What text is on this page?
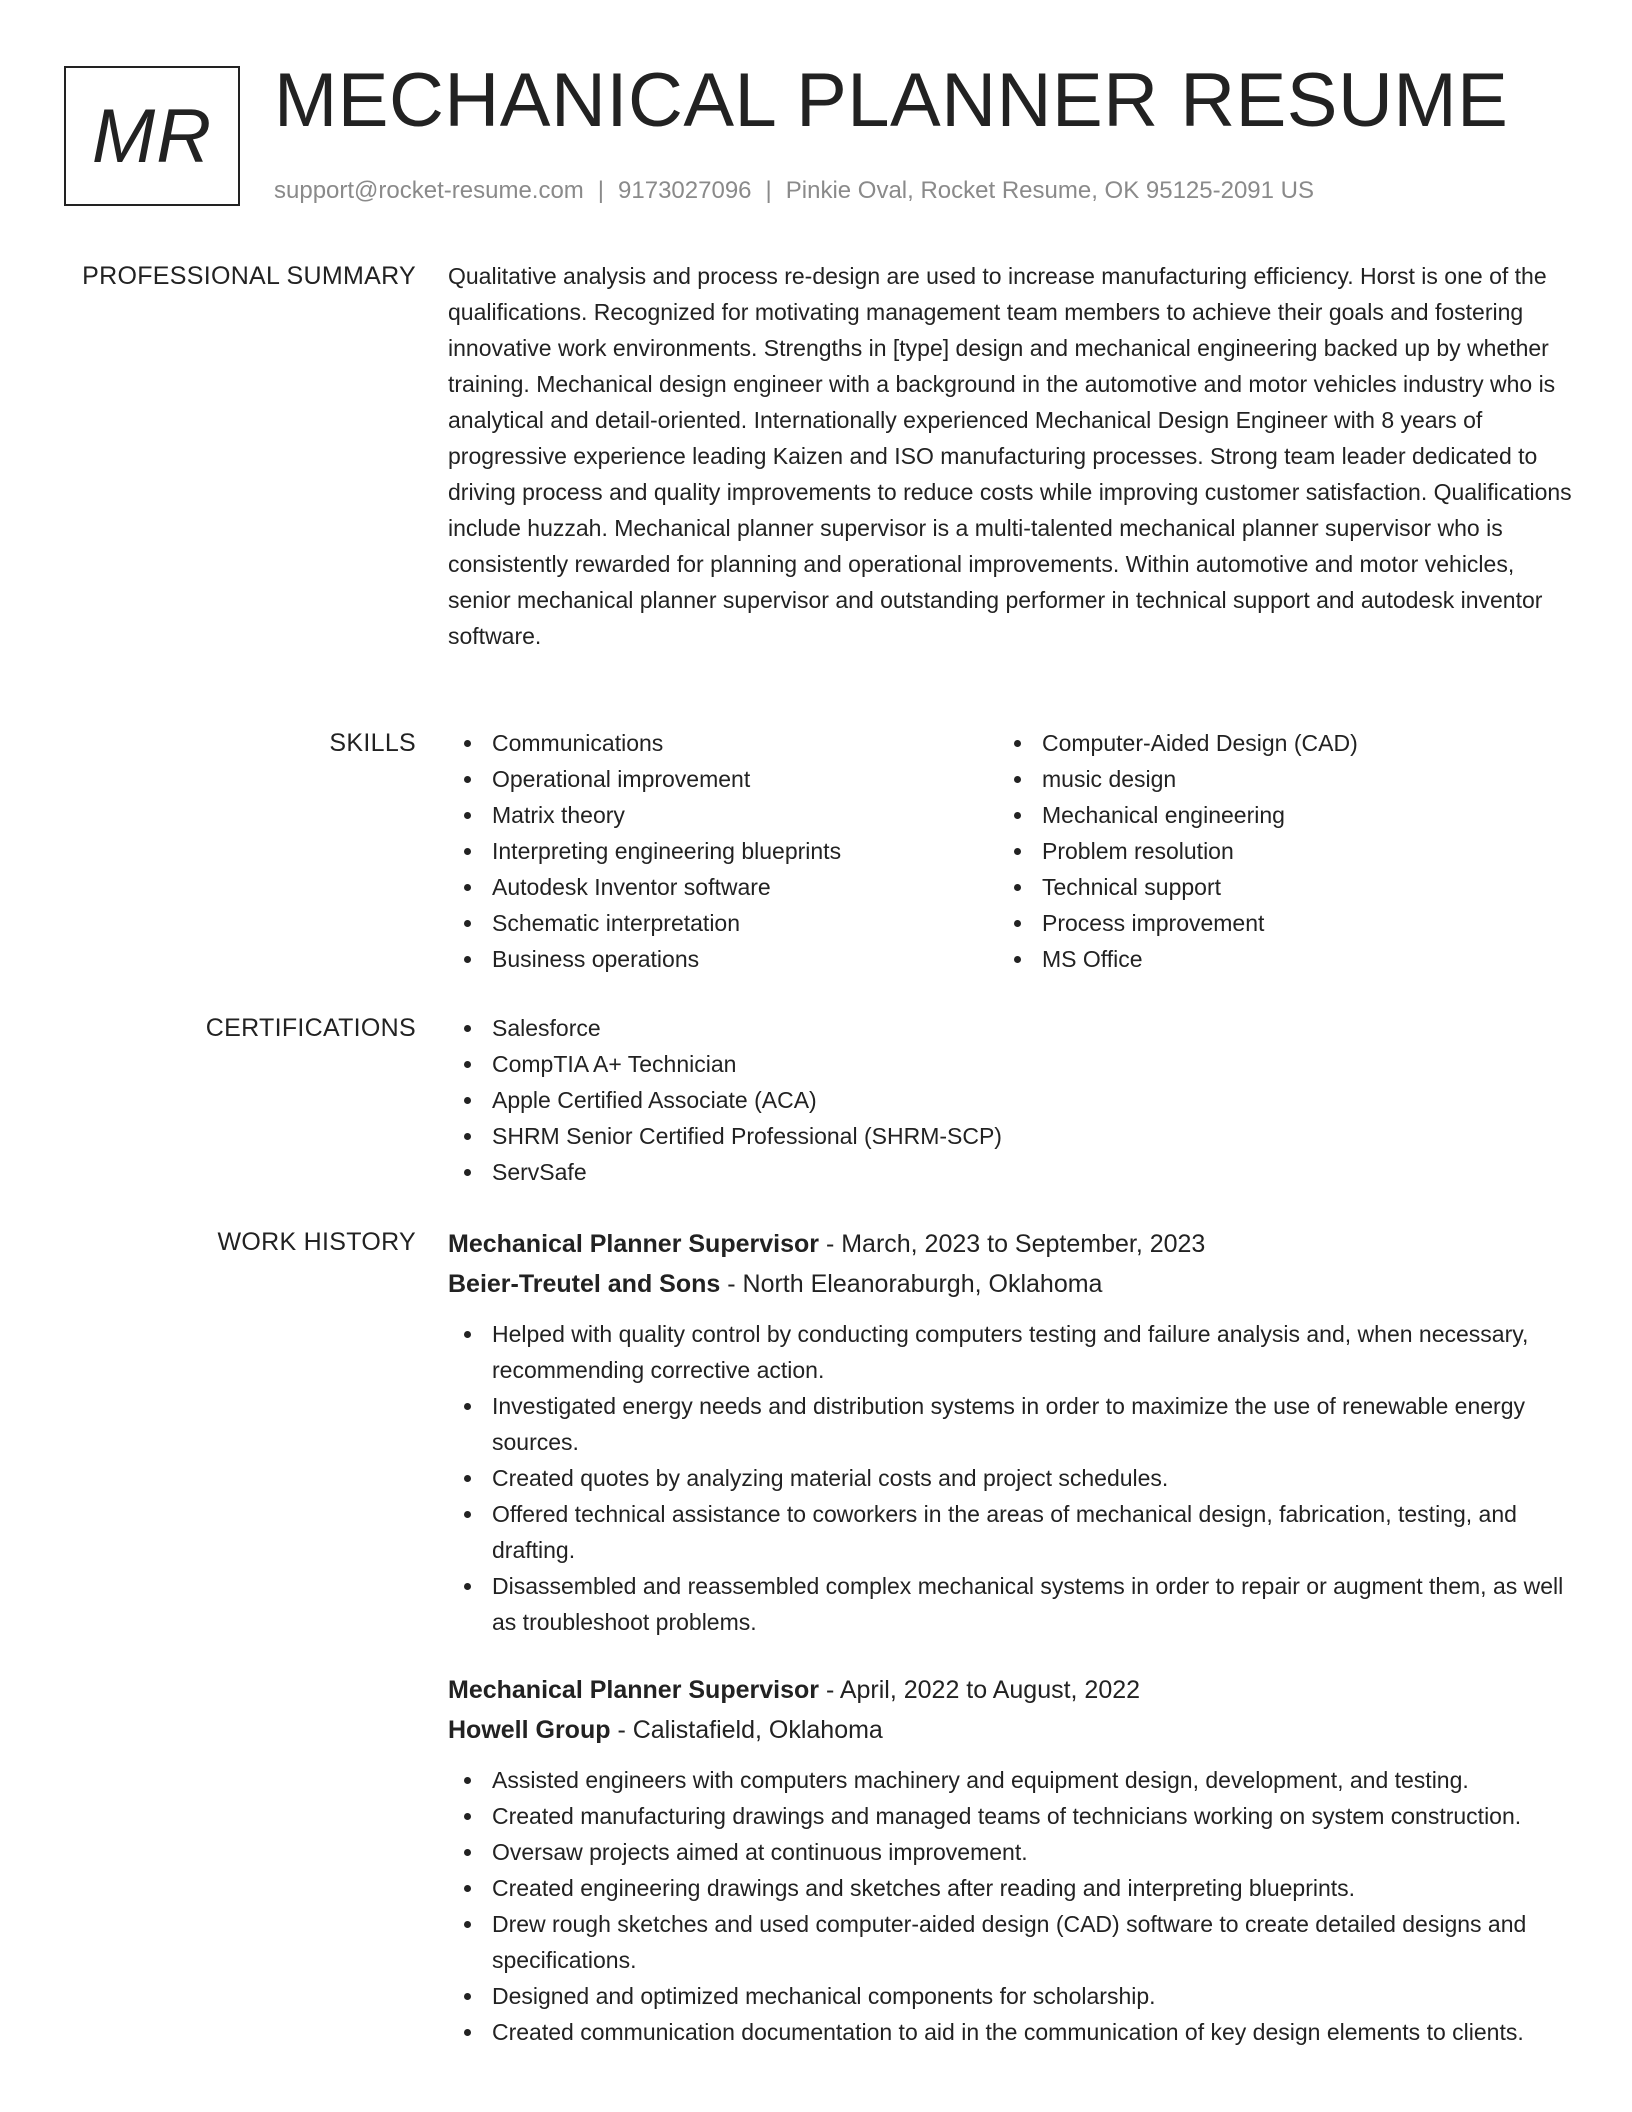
MR MECHANICAL PLANNER RESUME
support@rocket-resume.com | 9173027096 | Pinkie Oval, Rocket Resume, OK 95125-2091 US
PROFESSIONAL SUMMARY Qualitative analysis and process re-design are used to increase manufacturing efficiency. Horst is one of the qualifications. Recognized for motivating management team members to achieve their goals and fostering innovative work environments. Strengths in [type] design and mechanical engineering backed up by whether training. Mechanical design engineer with a background in the automotive and motor vehicles industry who is analytical and detail-oriented. Internationally experienced Mechanical Design Engineer with 8 years of progressive experience leading Kaizen and ISO manufacturing processes. Strong team leader dedicated to driving process and quality improvements to reduce costs while improving customer satisfaction. Qualifications include huzzah. Mechanical planner supervisor is a multi-talented mechanical planner supervisor who is consistently rewarded for planning and operational improvements. Within automotive and motor vehicles, senior mechanical planner supervisor and outstanding performer in technical support and autodesk inventor software.

SKILLS	Communications
Operational improvement
Matrix theory
Interpreting engineering blueprints
Autodesk Inventor software
Schematic interpretation
Business operations
Computer-Aided Design (CAD)
music design
Mechanical engineering
Problem resolution
Technical support
Process improvement
MS Office
CERTIFICATIONS	Salesforce
CompTIA A+ Technician
Apple Certified Associate (ACA)
SHRM Senior Certified Professional (SHRM-SCP)
ServSafe
WORK HISTORY Mechanical Planner Supervisor - March, 2023 to September, 2023
Beier-Treutel and Sons - North Eleanoraburgh, Oklahoma
Helped with quality control by conducting computers testing and failure analysis and, when necessary, recommending corrective action.
Investigated energy needs and distribution systems in order to maximize the use of renewable energy sources.
Created quotes by analyzing material costs and project schedules.
Offered technical assistance to coworkers in the areas of mechanical design, fabrication, testing, and drafting.
Disassembled and reassembled complex mechanical systems in order to repair or augment them, as well as troubleshoot problems.
Mechanical Planner Supervisor - April, 2022 to August, 2022
Howell Group - Calistafield, Oklahoma
Assisted engineers with computers machinery and equipment design, development, and testing.
Created manufacturing drawings and managed teams of technicians working on system construction.
Oversaw projects aimed at continuous improvement.
Created engineering drawings and sketches after reading and interpreting blueprints.
Drew rough sketches and used computer-aided design (CAD) software to create detailed designs and specifications.
Designed and optimized mechanical components for scholarship.
Created communication documentation to aid in the communication of key design elements to clients.
